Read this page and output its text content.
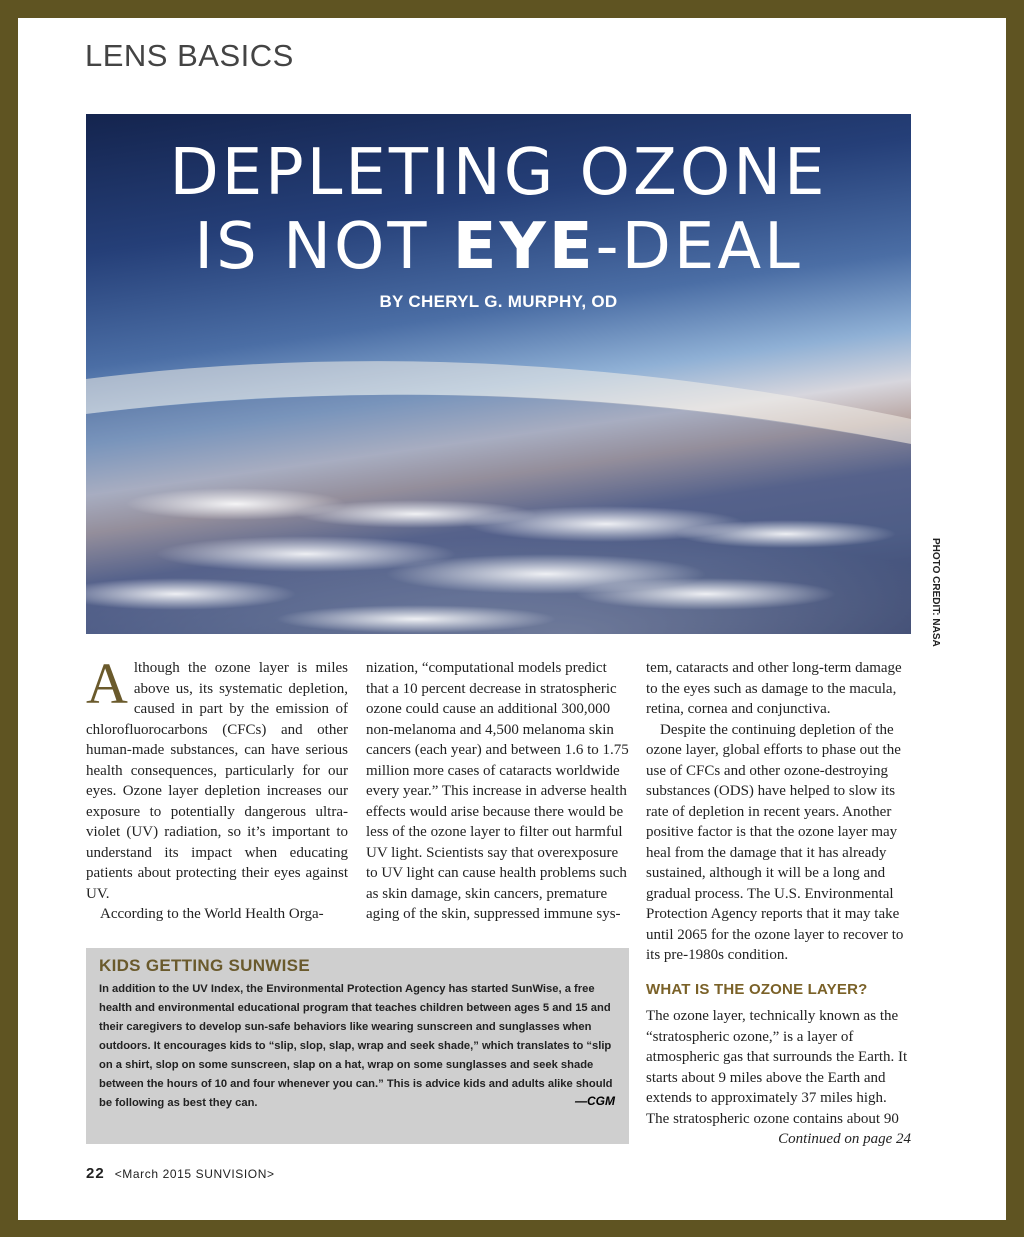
LENS BASICS
DEPLETING OZONE
IS NOT EYE-DEAL
BY CHERYL G. MURPHY, OD
PHOTO CREDIT: NASA

Although the ozone layer is miles above us, its systematic depletion, caused in part by the emission of chlorofluorocarbons (CFCs) and other human-made substances, can have serious health consequences, particularly for our eyes. Ozone layer depletion increases our exposure to potentially dangerous ultra- violet (UV) radiation, so it’s important to understand its impact when educating patients about protecting their eyes against UV.

According to the World Health Orga-

nization, “computational models predict that a 10 percent decrease in stratospheric ozone could cause an additional 300,000 non-melanoma and 4,500 melanoma skin cancers (each year) and between 1.6 to 1.75 million more cases of cataracts worldwide every year.” This increase in adverse health effects would arise because there would be less of the ozone layer to filter out harmful UV light. Scientists say that overexposure to UV light can cause health problems such as skin damage, skin cancers, premature aging of the skin, suppressed immune sys-

tem, cataracts and other long-term damage to the eyes such as damage to the macula, retina, cornea and conjunctiva.

Despite the continuing depletion of the ozone layer, global efforts to phase out the use of CFCs and other ozone-destroying substances (ODS) have helped to slow its rate of depletion in recent years. Another positive factor is that the ozone layer may heal from the damage that it has already sustained, although it will be a long and gradual process. The U.S. Environmental Protection Agency reports that it may take until 2065 for the ozone layer to recover to its pre-1980s condition.

WHAT IS THE OZONE LAYER?

The ozone layer, technically known as the “stratospheric ozone,” is a layer of atmospheric gas that surrounds the Earth. It starts about 9 miles above the Earth and extends to approximately 37 miles high. The stratospheric ozone contains about 90

Continued on page 24

KIDS GETTING SUNWISE
In addition to the UV Index, the Environmental Protection Agency has started SunWise, a free health and environmental educational program that teaches children between ages 5 and 15 and their caregivers to develop sun-safe behaviors like wearing sunscreen and sunglasses when outdoors. It encourages kids to “slip, slop, slap, wrap and seek shade,” which translates to “slip on a shirt, slop on some sunscreen, slap on a hat, wrap on some sunglasses and seek shade between the hours of 10 and four whenever you can.” This is advice kids and adults alike should be following as best they can.	—CGM
22 <March 2015 SUNVISION>
